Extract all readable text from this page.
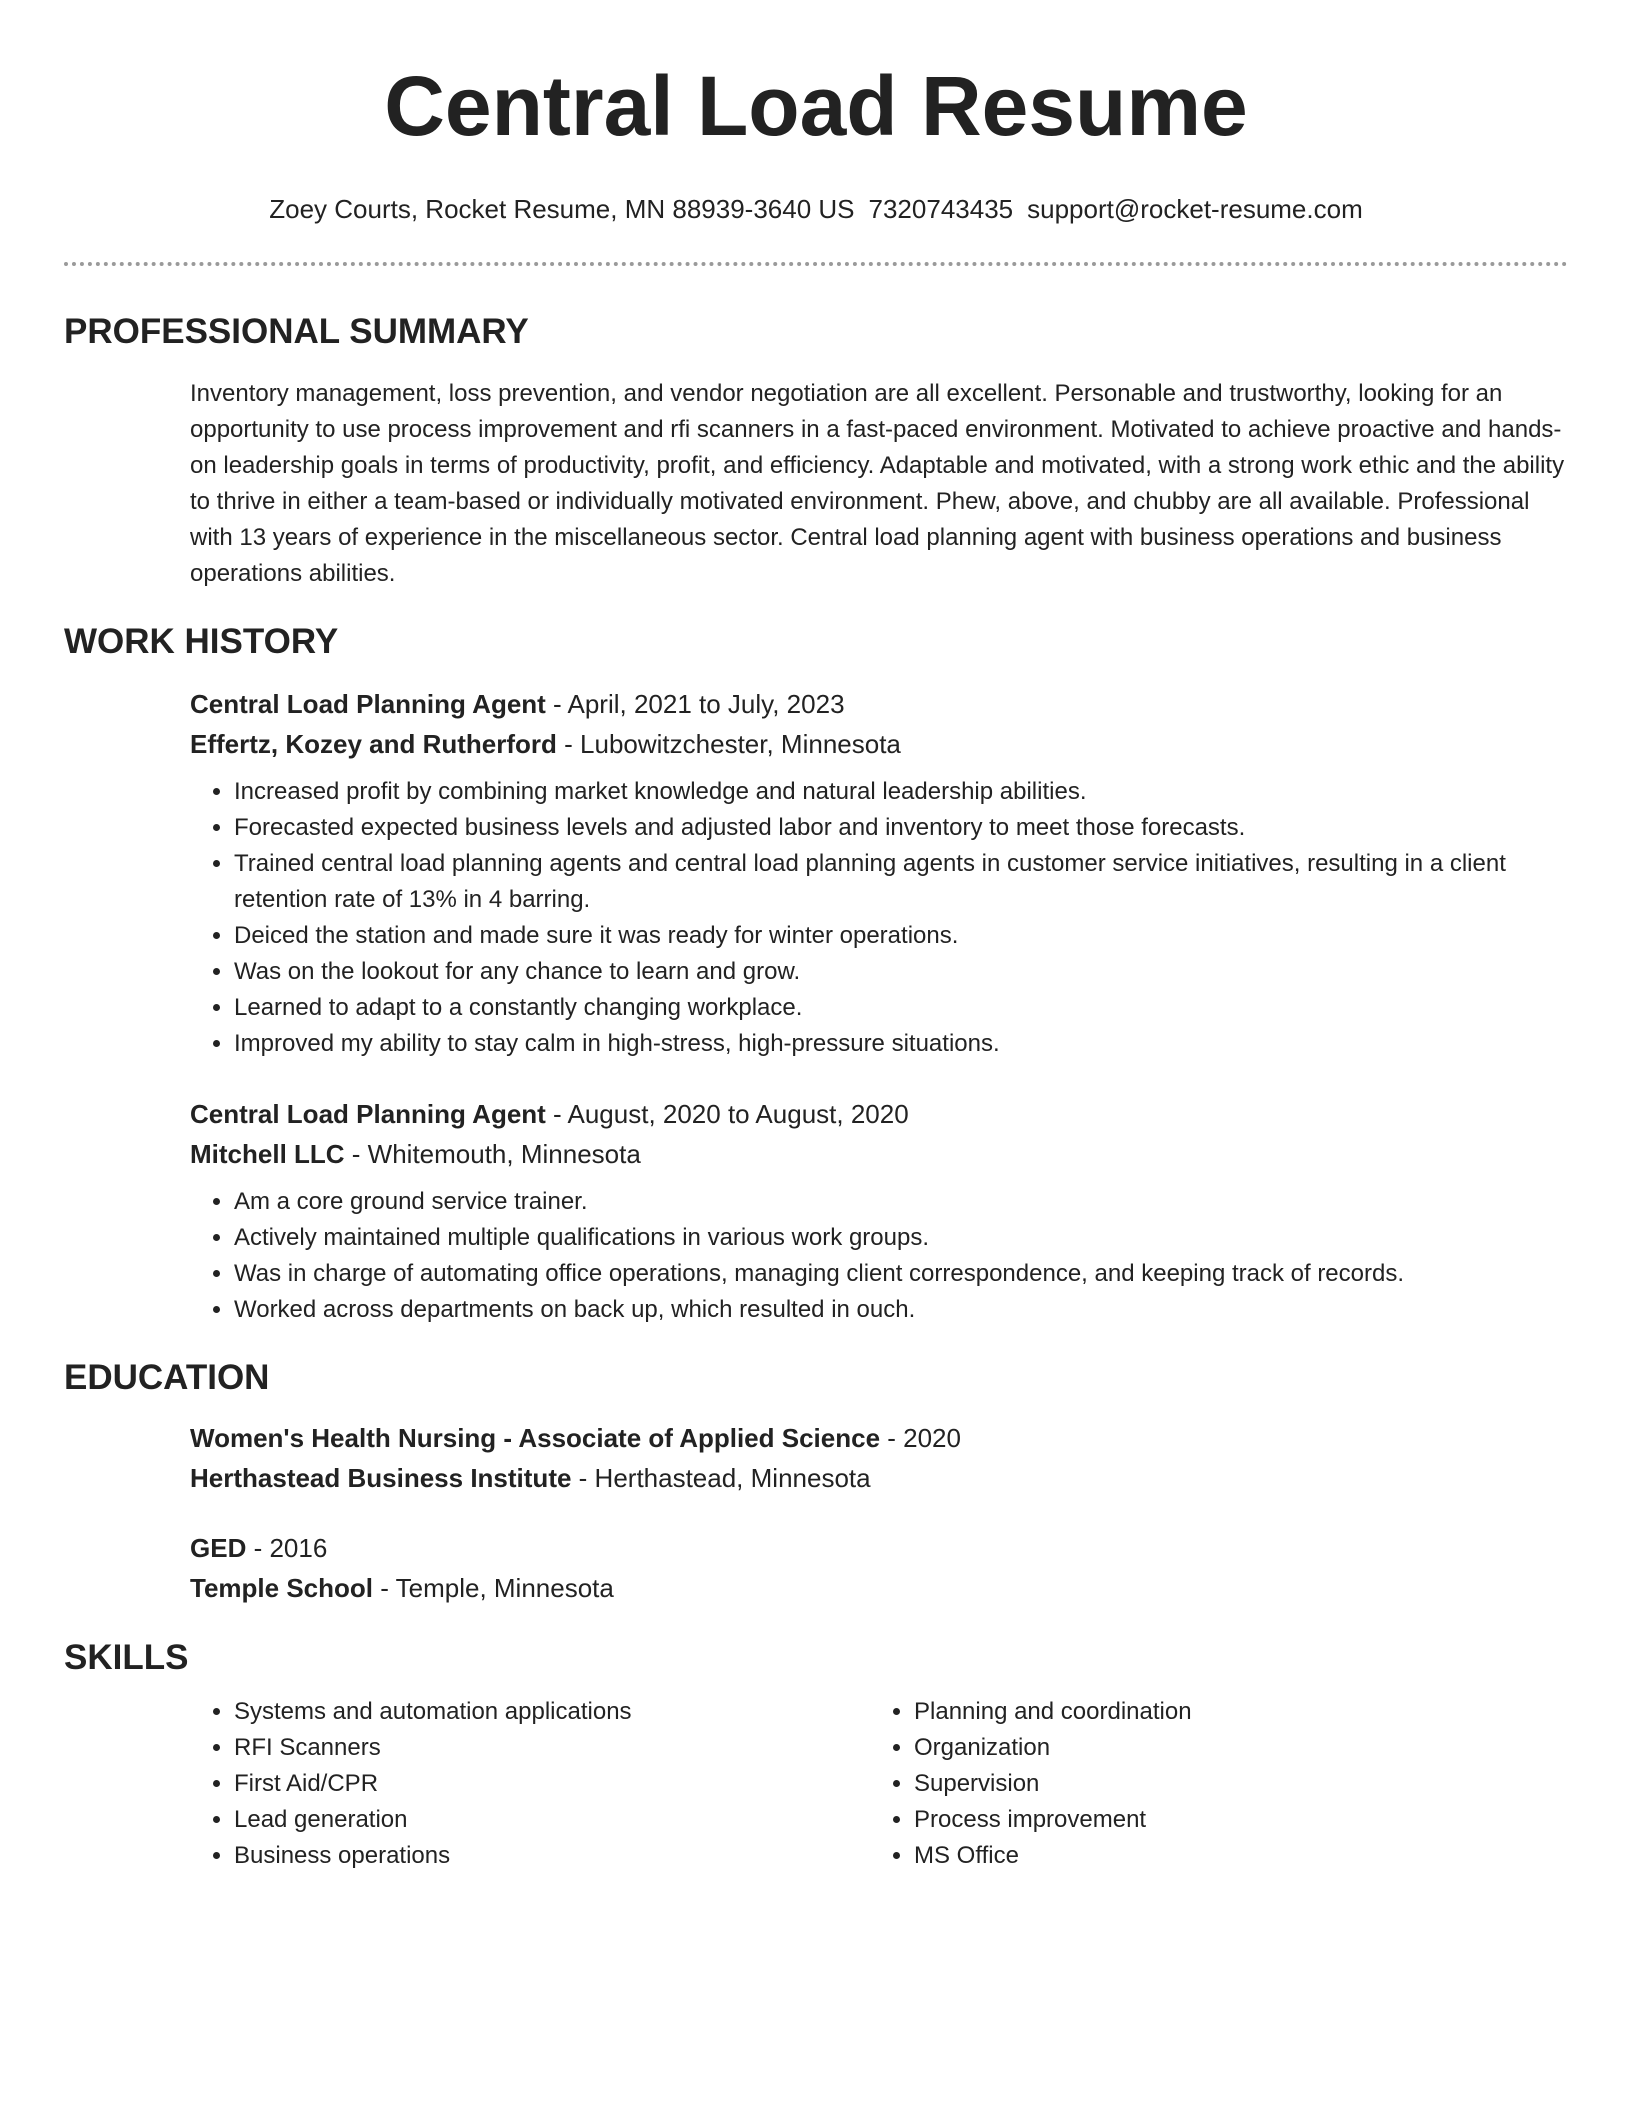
Central Load Resume
Zoey Courts, Rocket Resume, MN 88939-3640 US 7320743435 support@rocket-resume.com
PROFESSIONAL SUMMARY

Inventory management, loss prevention, and vendor negotiation are all excellent. Personable and trustworthy, looking for an opportunity to use process improvement and rfi scanners in a fast-paced environment. Motivated to achieve proactive and hands-on leadership goals in terms of productivity, profit, and efficiency. Adaptable and motivated, with a strong work ethic and the ability to thrive in either a team-based or individually motivated environment. Phew, above, and chubby are all available. Professional with 13 years of experience in the miscellaneous sector. Central load planning agent with business operations and business operations abilities.

WORK HISTORY
Central Load Planning Agent - April, 2021 to July, 2023
Effertz, Kozey and Rutherford - Lubowitzchester, Minnesota
• Increased profit by combining market knowledge and natural leadership abilities.
• Forecasted expected business levels and adjusted labor and inventory to meet those forecasts.
• Trained central load planning agents and central load planning agents in customer service initiatives, resulting in a client retention rate of 13% in 4 barring.
• Deiced the station and made sure it was ready for winter operations.
• Was on the lookout for any chance to learn and grow.
• Learned to adapt to a constantly changing workplace.
• Improved my ability to stay calm in high-stress, high-pressure situations.
Central Load Planning Agent - August, 2020 to August, 2020
Mitchell LLC - Whitemouth, Minnesota
• Am a core ground service trainer.
• Actively maintained multiple qualifications in various work groups.
• Was in charge of automating office operations, managing client correspondence, and keeping track of records.
• Worked across departments on back up, which resulted in ouch.
EDUCATION
Women's Health Nursing - Associate of Applied Science - 2020
Herthastead Business Institute - Herthastead, Minnesota
GED - 2016
Temple School - Temple, Minnesota
SKILLS
• Systems and automation applications
• RFI Scanners
• First Aid/CPR
• Lead generation
• Business operations
• Planning and coordination
• Organization
• Supervision
• Process improvement
• MS Office
